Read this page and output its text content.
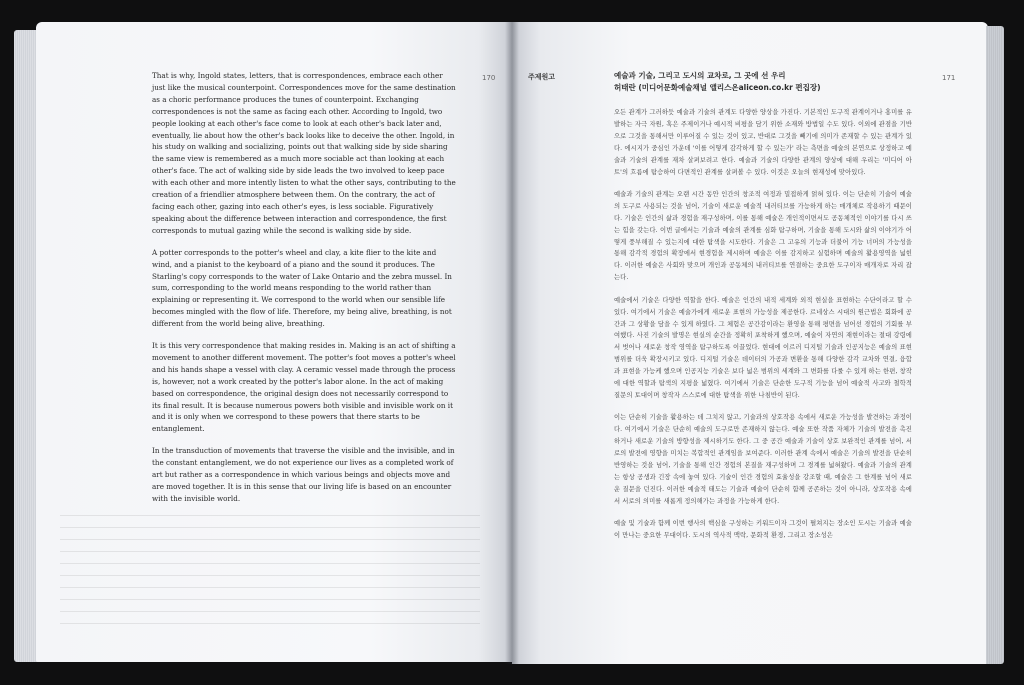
170

That is why, Ingold states, letters, that is correspondences, embrace each other just like the musical counterpoint. Correspondences move for the same destination as a choric performance produces the tunes of counterpoint. Exchanging correspondences is not the same as facing each other. According to Ingold, two people looking at each other's face come to look at each other's back later and, eventually, lie about how the other's back looks like to deceive the other. Ingold, in his study on walking and socializing, points out that walking side by side sharing the same view is remembered as a much more sociable act than looking at each other's face. The act of walking side by side leads the two involved to keep pace with each other and more intently listen to what the other says, contributing to the creation of a friendlier atmosphere between them. On the contrary, the act of facing each other, gazing into each other's eyes, is less sociable. Figuratively speaking about the difference between interaction and correspondence, the first corresponds to mutual gazing while the second is walking side by side.

A potter corresponds to the potter's wheel and clay, a kite flier to the kite and wind, and a pianist to the keyboard of a piano and the sound it produces. The Starling's copy corresponds to the water of Lake Ontario and the zebra mussel. In sum, corresponding to the world means responding to the world rather than explaining or representing it. We correspond to the world when our sensible life becomes mingled with the flow of life. Therefore, my being alive, breathing, is not different from the world being alive, breathing.

It is this very correspondence that making resides in. Making is an act of shifting a movement to another different movement. The potter's foot moves a potter's wheel and his hands shape a vessel with clay. A ceramic vessel made through the process is, however, not a work created by the potter's labor alone. In the act of making based on correspondence, the original design does not necessarily correspond to its final result. It is because numerous powers both visible and invisible work on it and it is only when we correspond to these powers that there starts to be entanglement.

In the transduction of movements that traverse the visible and the invisible, and in the constant entanglement, we do not experience our lives as a completed work of art but rather as a correspondence in which various beings and objects move and are moved together. It is in this sense that our living life is based on an encounter with the invisible world.

주제원고	예술과 기술, 그리고 도시의 교차로, 그 곳에 선 우리
허태란 (미디어문화예술채널 앨리스온aliceon.co.kr 편집장)
171

오든 관계가 그러하듯 예술과 기술의 관계도 다양한 양상을 가진다. 기본적인 도구적 관계이거나 홍미를 유발하는 자극 자원, 혹은 주제이거나 예시적 비평을 담기 위한 소재와 방법일 수도 있다. 이외에 관점을 기반으로 그것을 통해서만 이루어질 수 있는 것이 있고, 반대로 그것을 빼기에 의미가 존재할 수 있는 관계가 있다. 에시지가 중심인 가운데 '이를 어떻게 감각하게 할 수 있는가' 라는 측면을 예술의 본연으로 상정하고 예술과 기술의 관계를 재차 살펴보려고 한다. 예술과 기술의 다양한 관계의 양상에 대해 우리는 '미디어 아트'의 흐름에 탐승하여 다면적인 관계를 살펴볼 수 있다. 이것은 오늘의 현재성에 맞아있다.

예술과 기술의 관계는 오랜 시간 동안 인간의 창조적 여정과 밀접하게 얽혀 있다. 이는 단순히 기술이 예술의 도구로 사용되는 것을 넘어, 기술이 새로운 예술적 내러티브를 가능하게 하는 매개체로 작용하기 때문이다. 기술은 인간의 삶과 경험을 재구성하며, 이를 통해 예술은 개인적이면서도 공동체적인 이야기를 다시 쓰는 힘을 갖는다. 이번 글에서는 기술과 예술의 관계를 심화 탐구하며, 기술을 통해 도시와 삶의 이야기가 어떻게 풍부해질 수 있는지에 대한 탐색을 시도한다. 기술은 그 고유의 기능과 더불어 기능 너머의 가능성을 통해 감각적 경험의 확장에서 현경험을 제시하며 예술은 이를 감지하고 실험하며 예술의 활용영역을 넓힌다. 이러한 예술은 사회와 맞으며 개인과 공동체의 내러티브를 연결하는 중요한 도구이자 매개자로 자리 잡는다.

예술에서 기술은 다양한 역할을 한다. 예술은 인간의 내적 세계와 외적 현실을 표현하는 수단이라고 할 수 있다. 여기에서 기술은 예술가에게 새로운 표현의 가능성을 제공한다. 르네상스 시대의 원근법은 회화에 공간과 그 상황을 담을 수 있게 하였다. 그 체험은 공간감이라는 환영을 통해 평면을 넘어선 경험의 기회를 부여했다. 사진 기술의 발명은 현실의 순간을 정확히 포착하게 했으며, 예술이 자연의 재현이라는 절대 강령에서 벗어나 새로운 창작 영역을 탐구하도록 이끌었다. 현대에 이르러 디지털 기술과 인공지능은 예술의 표현 범위를 더욱 확장시키고 있다. 디지털 기술은 데이터의 가공과 변환을 통해 다양한 감각 교차와 연결, 융합과 표현을 가능케 했으며 인공지능 기술은 보다 넓은 범위의 세계와 그 변화를 다룰 수 있게 하는 한편, 창작에 대한 역할과 탐색의 지평을 넓혔다. 여기에서 기술은 단순한 도구적 기능을 넘어 예술적 사고와 철학적 질문의 토대이며 창작자 스스로에 대한 탐색을 위한 나침반이 된다.

이는 단순히 기술을 활용하는 데 그치지 않고, 기술과의 상호작용 속에서 새로운 가능성을 발견하는 과정이다. 여기에서 기술은 단순히 예술의 도구로만 존재하지 않는다. 예술 또한 작품 자체가 기술의 발전을 촉진하거나 새로운 기술의 방향성을 제시하기도 한다. 그 중 공간 예술과 기술이 상호 보완적인 관계를 넘어, 서로의 발전에 영향을 미치는 복합적인 관계임을 보여준다. 이러한 관계 속에서 예술은 기술의 발전을 단순히 반영하는 것을 넘어, 기술을 통해 인간 경험의 본질을 재구성하며 그 경계를 넓혀왔다. 예술과 기술의 관계는 항상 공생과 긴장 속에 놓여 있다. 기술이 인간 경험의 효율성을 강조할 때, 예술은 그 한계를 넘어 새로운 질문을 던진다. 이러한 예술적 태도는 기술과 예술이 단순히 함께 공존하는 것이 아니라, 상호작용 속에서 서로의 의미를 새롭게 정의해가는 과정을 가능하게 한다.

예술 및 기술과 함께 이번 행사의 핵심을 구성하는 키워드이자 그것이 펼쳐지는 장소인 도시는 기술과 예술이 만나는 중요한 무대이다. 도시의 역사적 맥락, 문화적 환경, 그리고 장소성은
